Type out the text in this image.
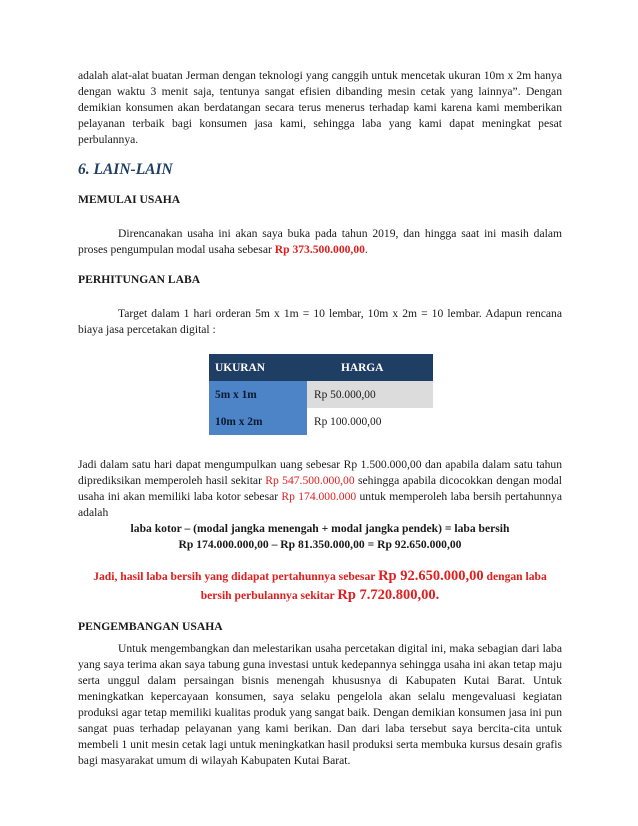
adalah alat-alat buatan Jerman dengan teknologi yang canggih untuk mencetak ukuran 10m x 2m hanya dengan waktu 3 menit saja, tentunya sangat efisien dibanding mesin cetak yang lainnya”. Dengan demikian konsumen akan berdatangan secara terus menerus terhadap kami karena kami memberikan pelayanan terbaik bagi konsumen jasa kami, sehingga laba yang kami dapat meningkat pesat perbulannya.

6. LAIN-LAIN
MEMULAI USAHA

Direncanakan usaha ini akan saya buka pada tahun 2019, dan hingga saat ini masih dalam proses pengumpulan modal usaha sebesar Rp 373.500.000,00.

PERHITUNGAN LABA

Target dalam 1 hari orderan 5m x 1m = 10 lembar, 10m x 2m = 10 lembar. Adapun rencana biaya jasa percetakan digital :

UKURAN	HARGA
5m x 1m	Rp 50.000,00
10m x 2m	Rp 100.000,00

Jadi dalam satu hari dapat mengumpulkan uang sebesar Rp 1.500.000,00 dan apabila dalam satu tahun diprediksikan memperoleh hasil sekitar Rp 547.500.000,00 sehingga apabila dicocokkan dengan modal usaha ini akan memiliki laba kotor sebesar Rp 174.000.000 untuk memperoleh laba bersih pertahunnya adalah

laba kotor – (modal jangka menengah + modal jangka pendek) = laba bersih
Rp 174.000.000,00 – Rp 81.350.000,00 = Rp 92.650.000,00

Jadi, hasil laba bersih yang didapat pertahunnya sebesar Rp 92.650.000,00 dengan laba bersih perbulannya sekitar Rp 7.720.800,00.

PENGEMBANGAN USAHA

Untuk mengembangkan dan melestarikan usaha percetakan digital ini, maka sebagian dari laba yang saya terima akan saya tabung guna investasi untuk kedepannya sehingga usaha ini akan tetap maju serta unggul dalam persaingan bisnis menengah khususnya di Kabupaten Kutai Barat. Untuk meningkatkan kepercayaan konsumen, saya selaku pengelola akan selalu mengevaluasi kegiatan produksi agar tetap memiliki kualitas produk yang sangat baik. Dengan demikian konsumen jasa ini pun sangat puas terhadap pelayanan yang kami berikan. Dan dari laba tersebut saya bercita-cita untuk membeli 1 unit mesin cetak lagi untuk meningkatkan hasil produksi serta membuka kursus desain grafis bagi masyarakat umum di wilayah Kabupaten Kutai Barat.
